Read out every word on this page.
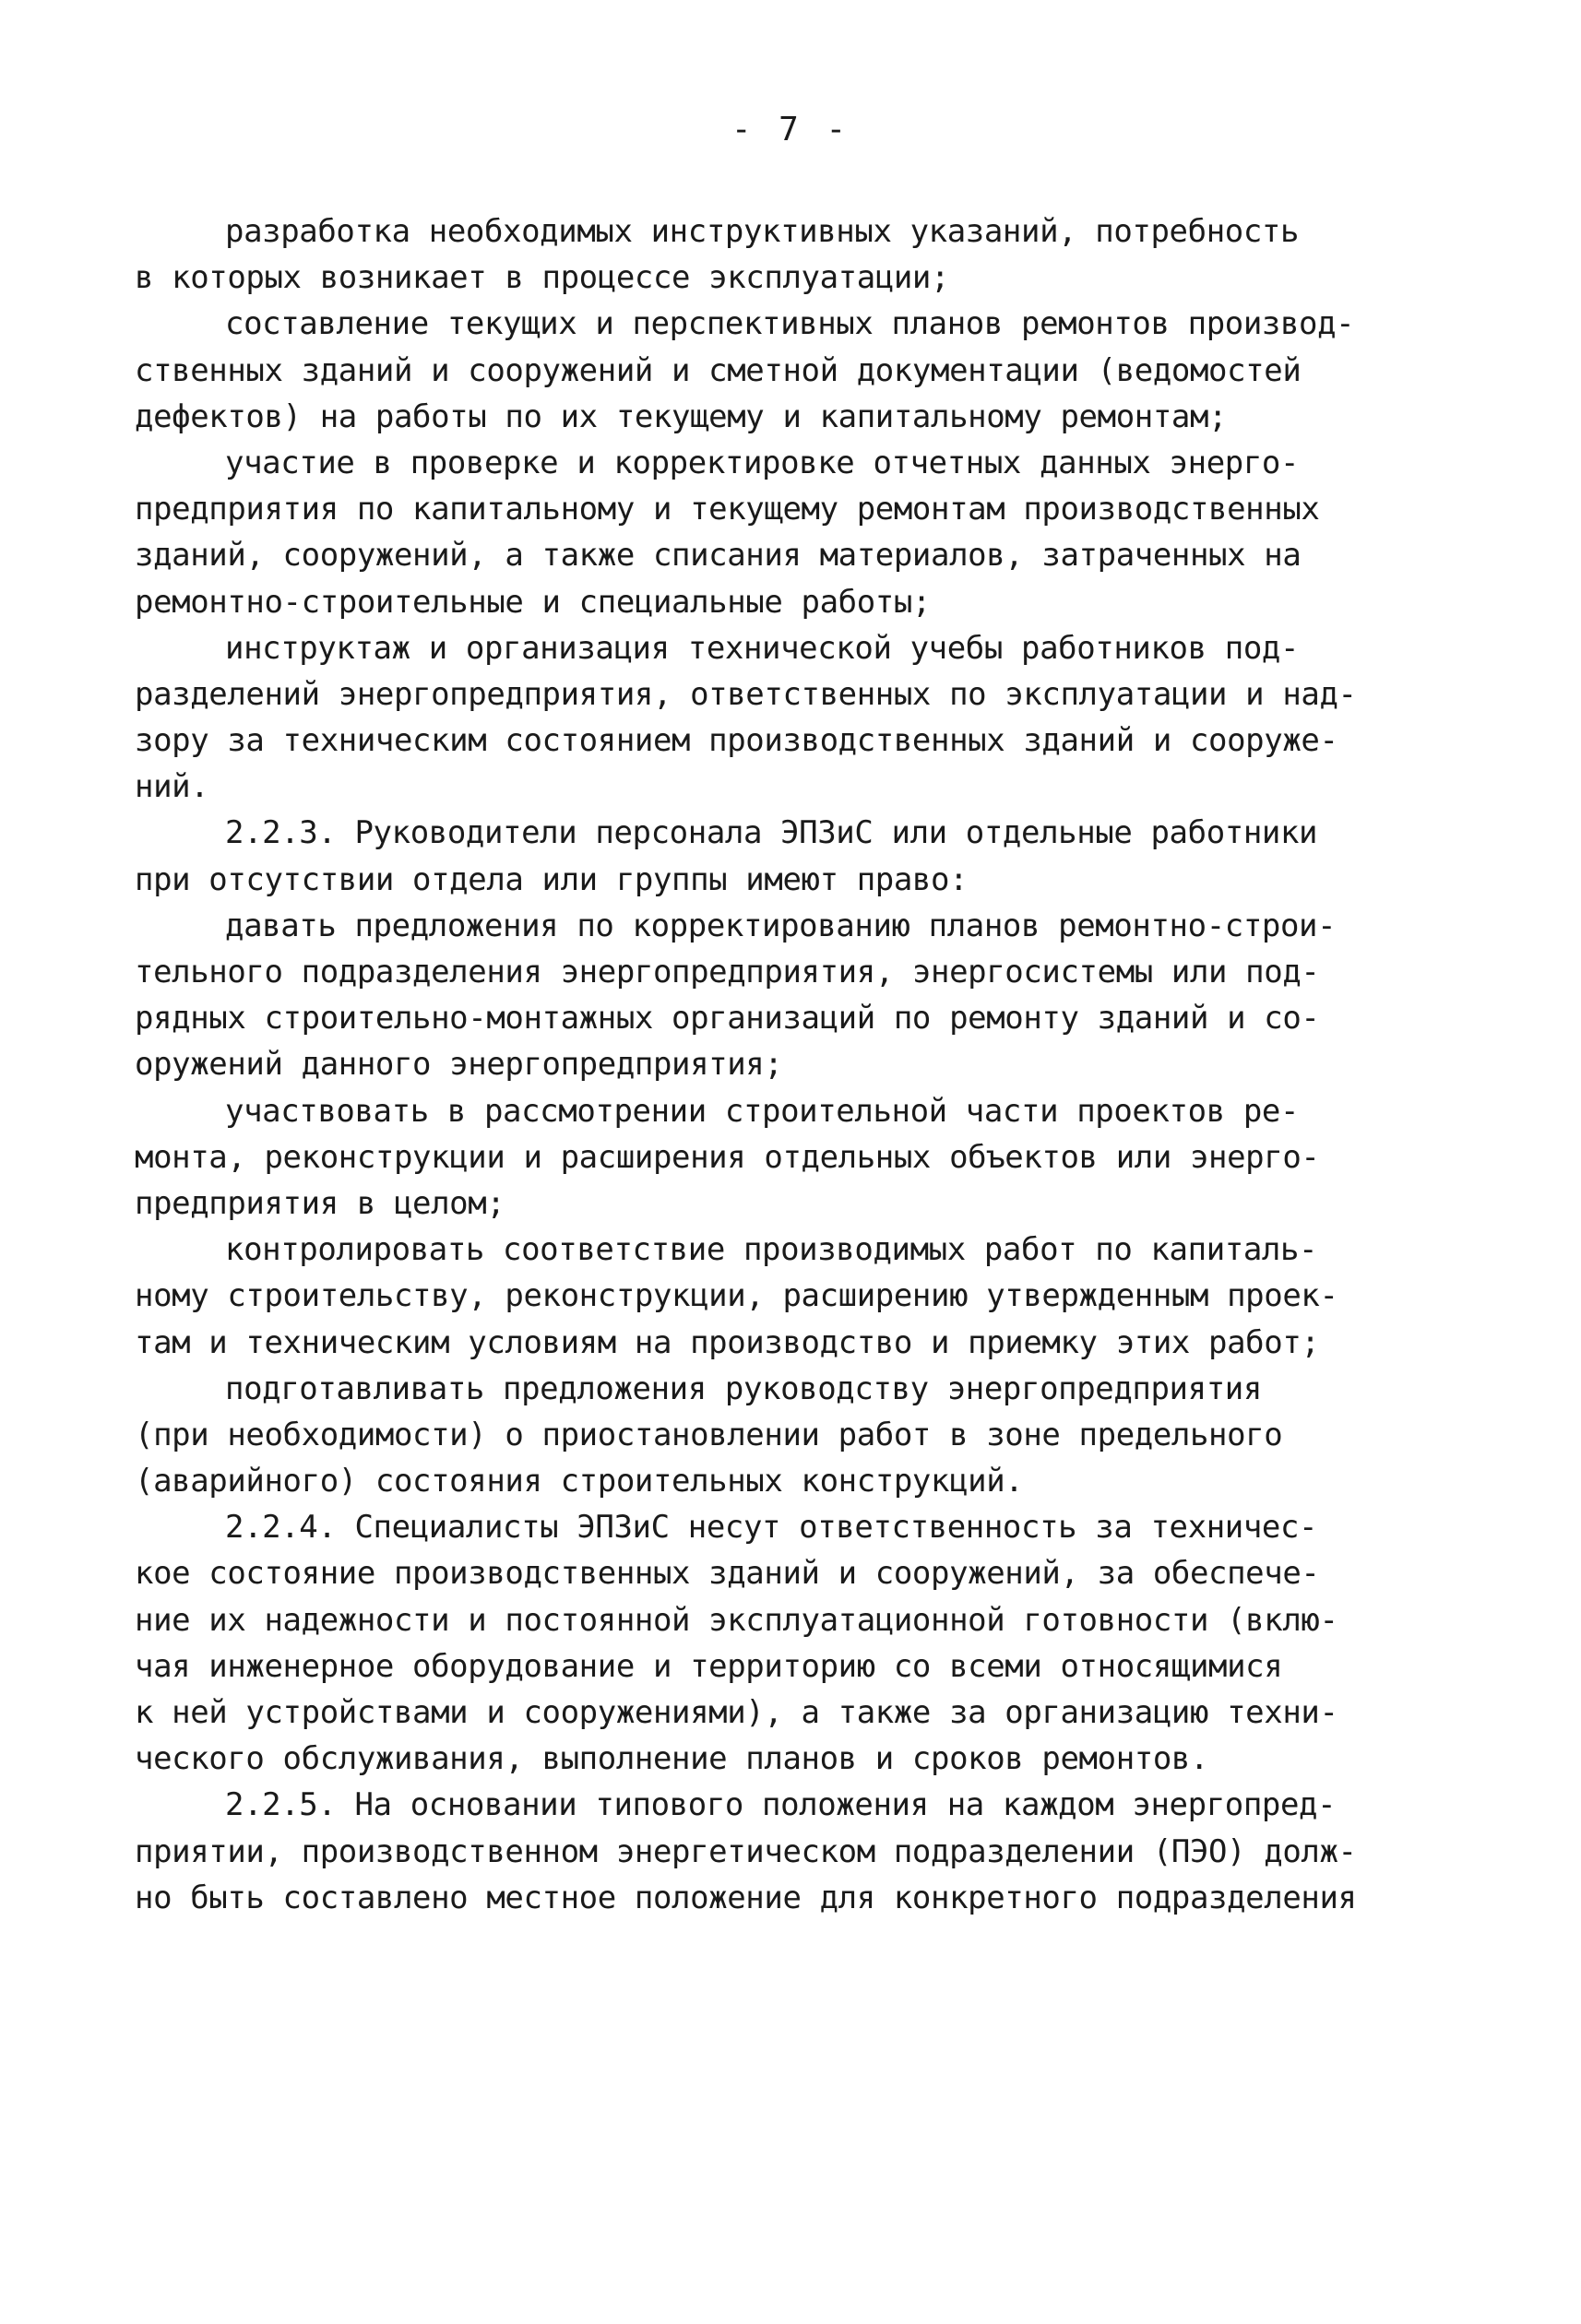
- 7 -
разработка необходимых инструктивных указаний, потребность
в которых возникает в процессе эксплуатации;
составление текущих и перспективных планов ремонтов производ-
ственных зданий и сооружений и сметной документации (ведомостей
дефектов) на работы по их текущему и капитальному ремонтам;
участие в проверке и корректировке отчетных данных энерго-
предприятия по капитальному и текущему ремонтам производственных
зданий, сооружений, а также списания материалов, затраченных на
ремонтно-строительные и специальные работы;
инструктаж и организация технической учебы работников под-
разделений энергопредприятия, ответственных по эксплуатации и над-
зору за техническим состоянием производственных зданий и сооруже-
ний.
2.2.3. Руководители персонала ЭПЗиС или отдельные работники
при отсутствии отдела или группы имеют право:
давать предложения по корректированию планов ремонтно-строи-
тельного подразделения энергопредприятия, энергосистемы или под-
рядных строительно-монтажных организаций по ремонту зданий и со-
оружений данного энергопредприятия;
участвовать в рассмотрении строительной части проектов ре-
монта, реконструкции и расширения отдельных объектов или энерго-
предприятия в целом;
контролировать соответствие производимых работ по капиталь-
ному строительству, реконструкции, расширению утвержденным проек-
там и техническим условиям на производство и приемку этих работ;
подготавливать предложения руководству энергопредприятия
(при необходимости) о приостановлении работ в зоне предельного
(аварийного) состояния строительных конструкций.
2.2.4. Специалисты ЭПЗиС несут ответственность за техничес-
кое состояние производственных зданий и сооружений, за обеспече-
ние их надежности и постоянной эксплуатационной готовности (вклю-
чая инженерное оборудование и территорию со всеми относящимися
к ней устройствами и сооружениями), а также за организацию техни-
ческого обслуживания, выполнение планов и сроков ремонтов.
2.2.5. На основании типового положения на каждом энергопред-
приятии, производственном энергетическом подразделении (ПЭО) долж-
но быть составлено местное положение для конкретного подразделения
